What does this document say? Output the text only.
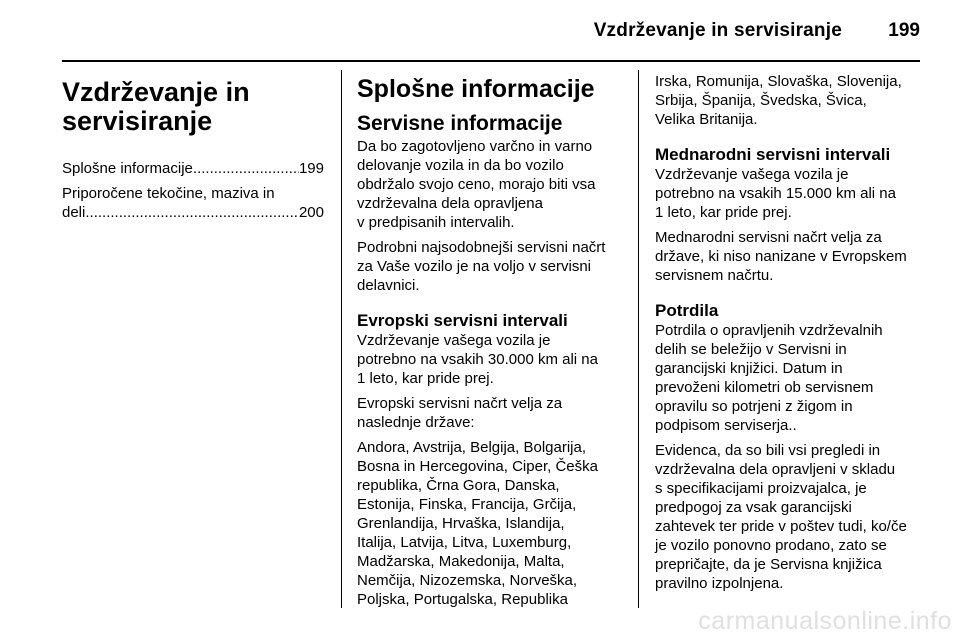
Vzdrževanje in servisiranje 199
Vzdrževanje in
servisiranje
Splošne informacije .....	199
Priporočene tekočine, maziva in
deli .....	200
Splošne informacije
Servisne informacije

Da bo zagotovljeno varčno in varno
delovanje vozila in da bo vozilo
obdržalo svojo ceno, morajo biti vsa
vzdrževalna dela opravljena
v predpisanih intervalih.

Podrobni najsodobnejši servisni načrt
za Vaše vozilo je na voljo v servisni
delavnici.

Evropski servisni intervali

Vzdrževanje vašega vozila je
potrebno na vsakih 30.000 km ali na
1 leto, kar pride prej.

Evropski servisni načrt velja za
naslednje države:

Andora, Avstrija, Belgija, Bolgarija,
Bosna in Hercegovina, Ciper, Češka
republika, Črna Gora, Danska,
Estonija, Finska, Francija, Grčija,
Grenlandija, Hrvaška, Islandija,
Italija, Latvija, Litva, Luxemburg,
Madžarska, Makedonija, Malta,
Nemčija, Nizozemska, Norveška,
Poljska, Portugalska, Republika

Irska, Romunija, Slovaška, Slovenija,
Srbija, Španija, Švedska, Švica,
Velika Britanija.

Mednarodni servisni intervali

Vzdrževanje vašega vozila je
potrebno na vsakih 15.000 km ali na
1 leto, kar pride prej.

Mednarodni servisni načrt velja za
države, ki niso nanizane v Evropskem
servisnem načrtu.

Potrdila

Potrdila o opravljenih vzdrževalnih
delih se beležijo v Servisni in
garancijski knjižici. Datum in
prevoženi kilometri ob servisnem
opravilu so potrjeni z žigom in
podpisom serviserja..

Evidenca, da so bili vsi pregledi in
vzdrževalna dela opravljeni v skladu
s specifikacijami proizvajalca, je
predpogoj za vsak garancijski
zahtevek ter pride v poštev tudi, ko/če
je vozilo ponovno prodano, zato se
prepričajte, da je Servisna knjižica
pravilno izpolnjena.

carmanualsonline.info
